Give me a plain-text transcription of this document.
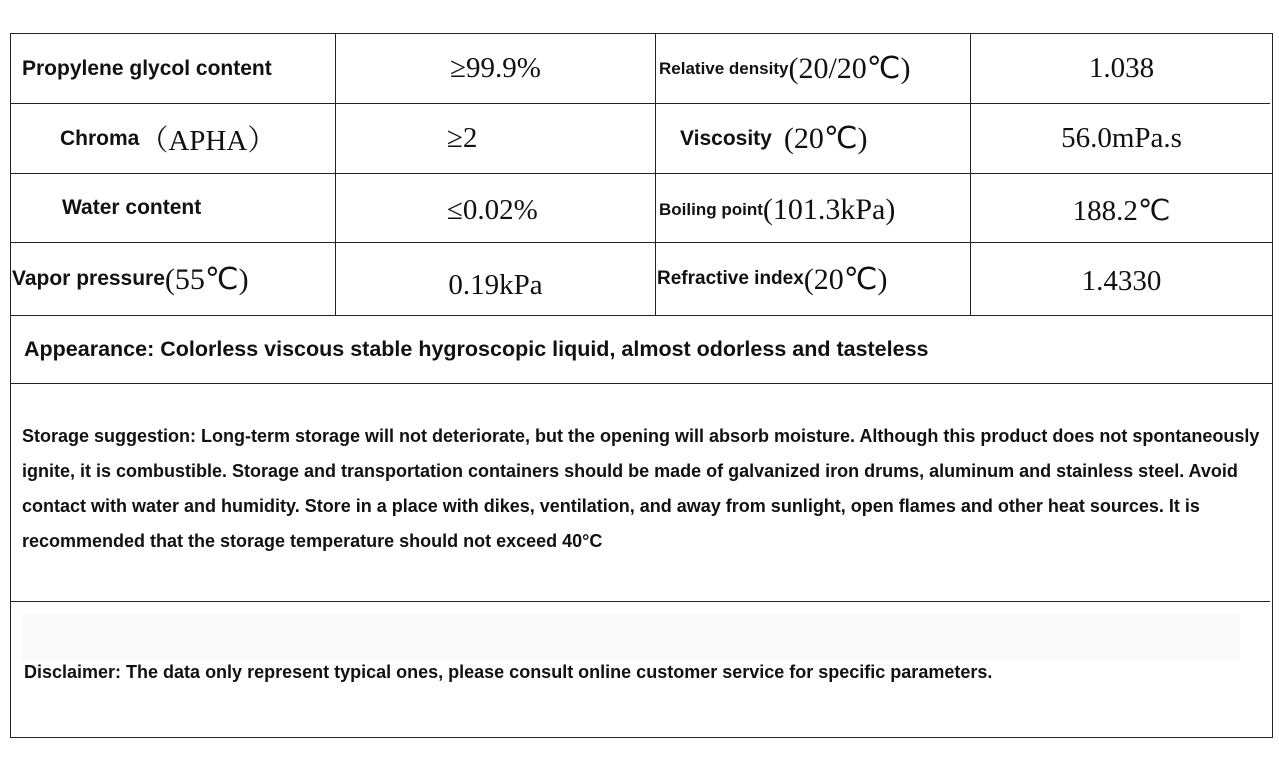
Propylene glycol content	≥99.9%	Relative density (20/20℃)	1.038
Chroma （APHA）	≥2	Viscosity (20℃)	56.0mPa.s
Water content	≤0.02%	Boiling point (101.3kPa)	188.2℃
Vapor pressure (55℃)	0.19kPa	Refractive index (20℃)	1.4330
Appearance: Colorless viscous stable hygroscopic liquid, almost odorless and tasteless
Storage suggestion: Long-term storage will not deteriorate, but the opening will absorb moisture. Although this product does not spontaneously ignite, it is combustible. Storage and transportation containers should be made of galvanized iron drums, aluminum and stainless steel. Avoid contact with water and humidity. Store in a place with dikes, ventilation, and away from sunlight, open flames and other heat sources. It is recommended that the storage temperature should not exceed 40°C
Disclaimer: The data only represent typical ones, please consult online customer service for specific parameters.
